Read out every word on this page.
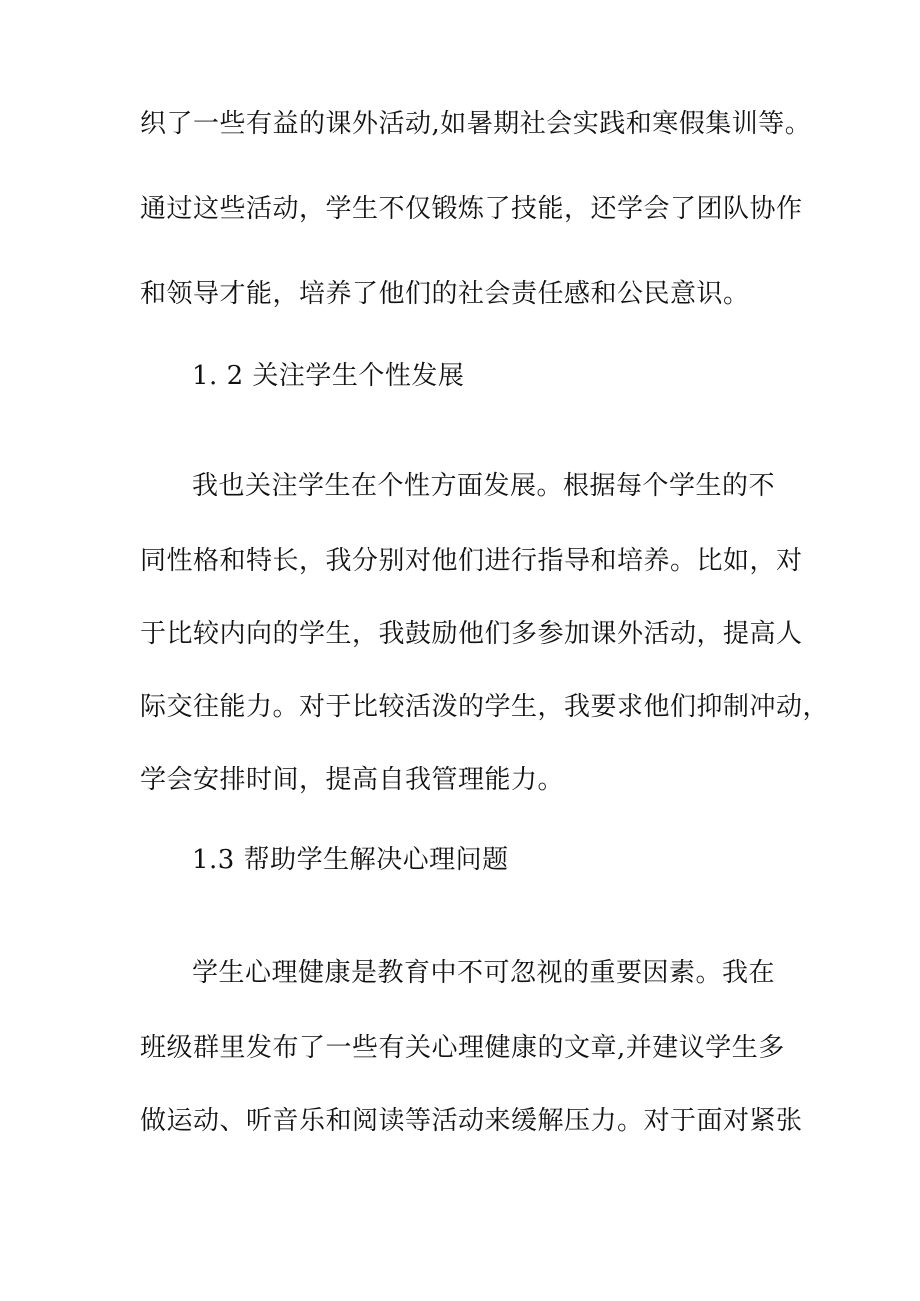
织了一些有益的课外活动,如暑期社会实践和寒假集训等。
通过这些活动，学生不仅锻炼了技能，还学会了团队协作
和领导才能，培养了他们的社会责任感和公民意识。
1. 2 关注学生个性发展
我也关注学生在个性方面发展。根据每个学生的不
同性格和特长，我分别对他们进行指导和培养。比如，对
于比较内向的学生，我鼓励他们多参加课外活动，提高人
际交往能力。对于比较活泼的学生，我要求他们抑制冲动，
学会安排时间，提高自我管理能力。
1.3 帮助学生解决心理问题
学生心理健康是教育中不可忽视的重要因素。我在
班级群里发布了一些有关心理健康的文章,并建议学生多
做运动、听音乐和阅读等活动来缓解压力。对于面对紧张
